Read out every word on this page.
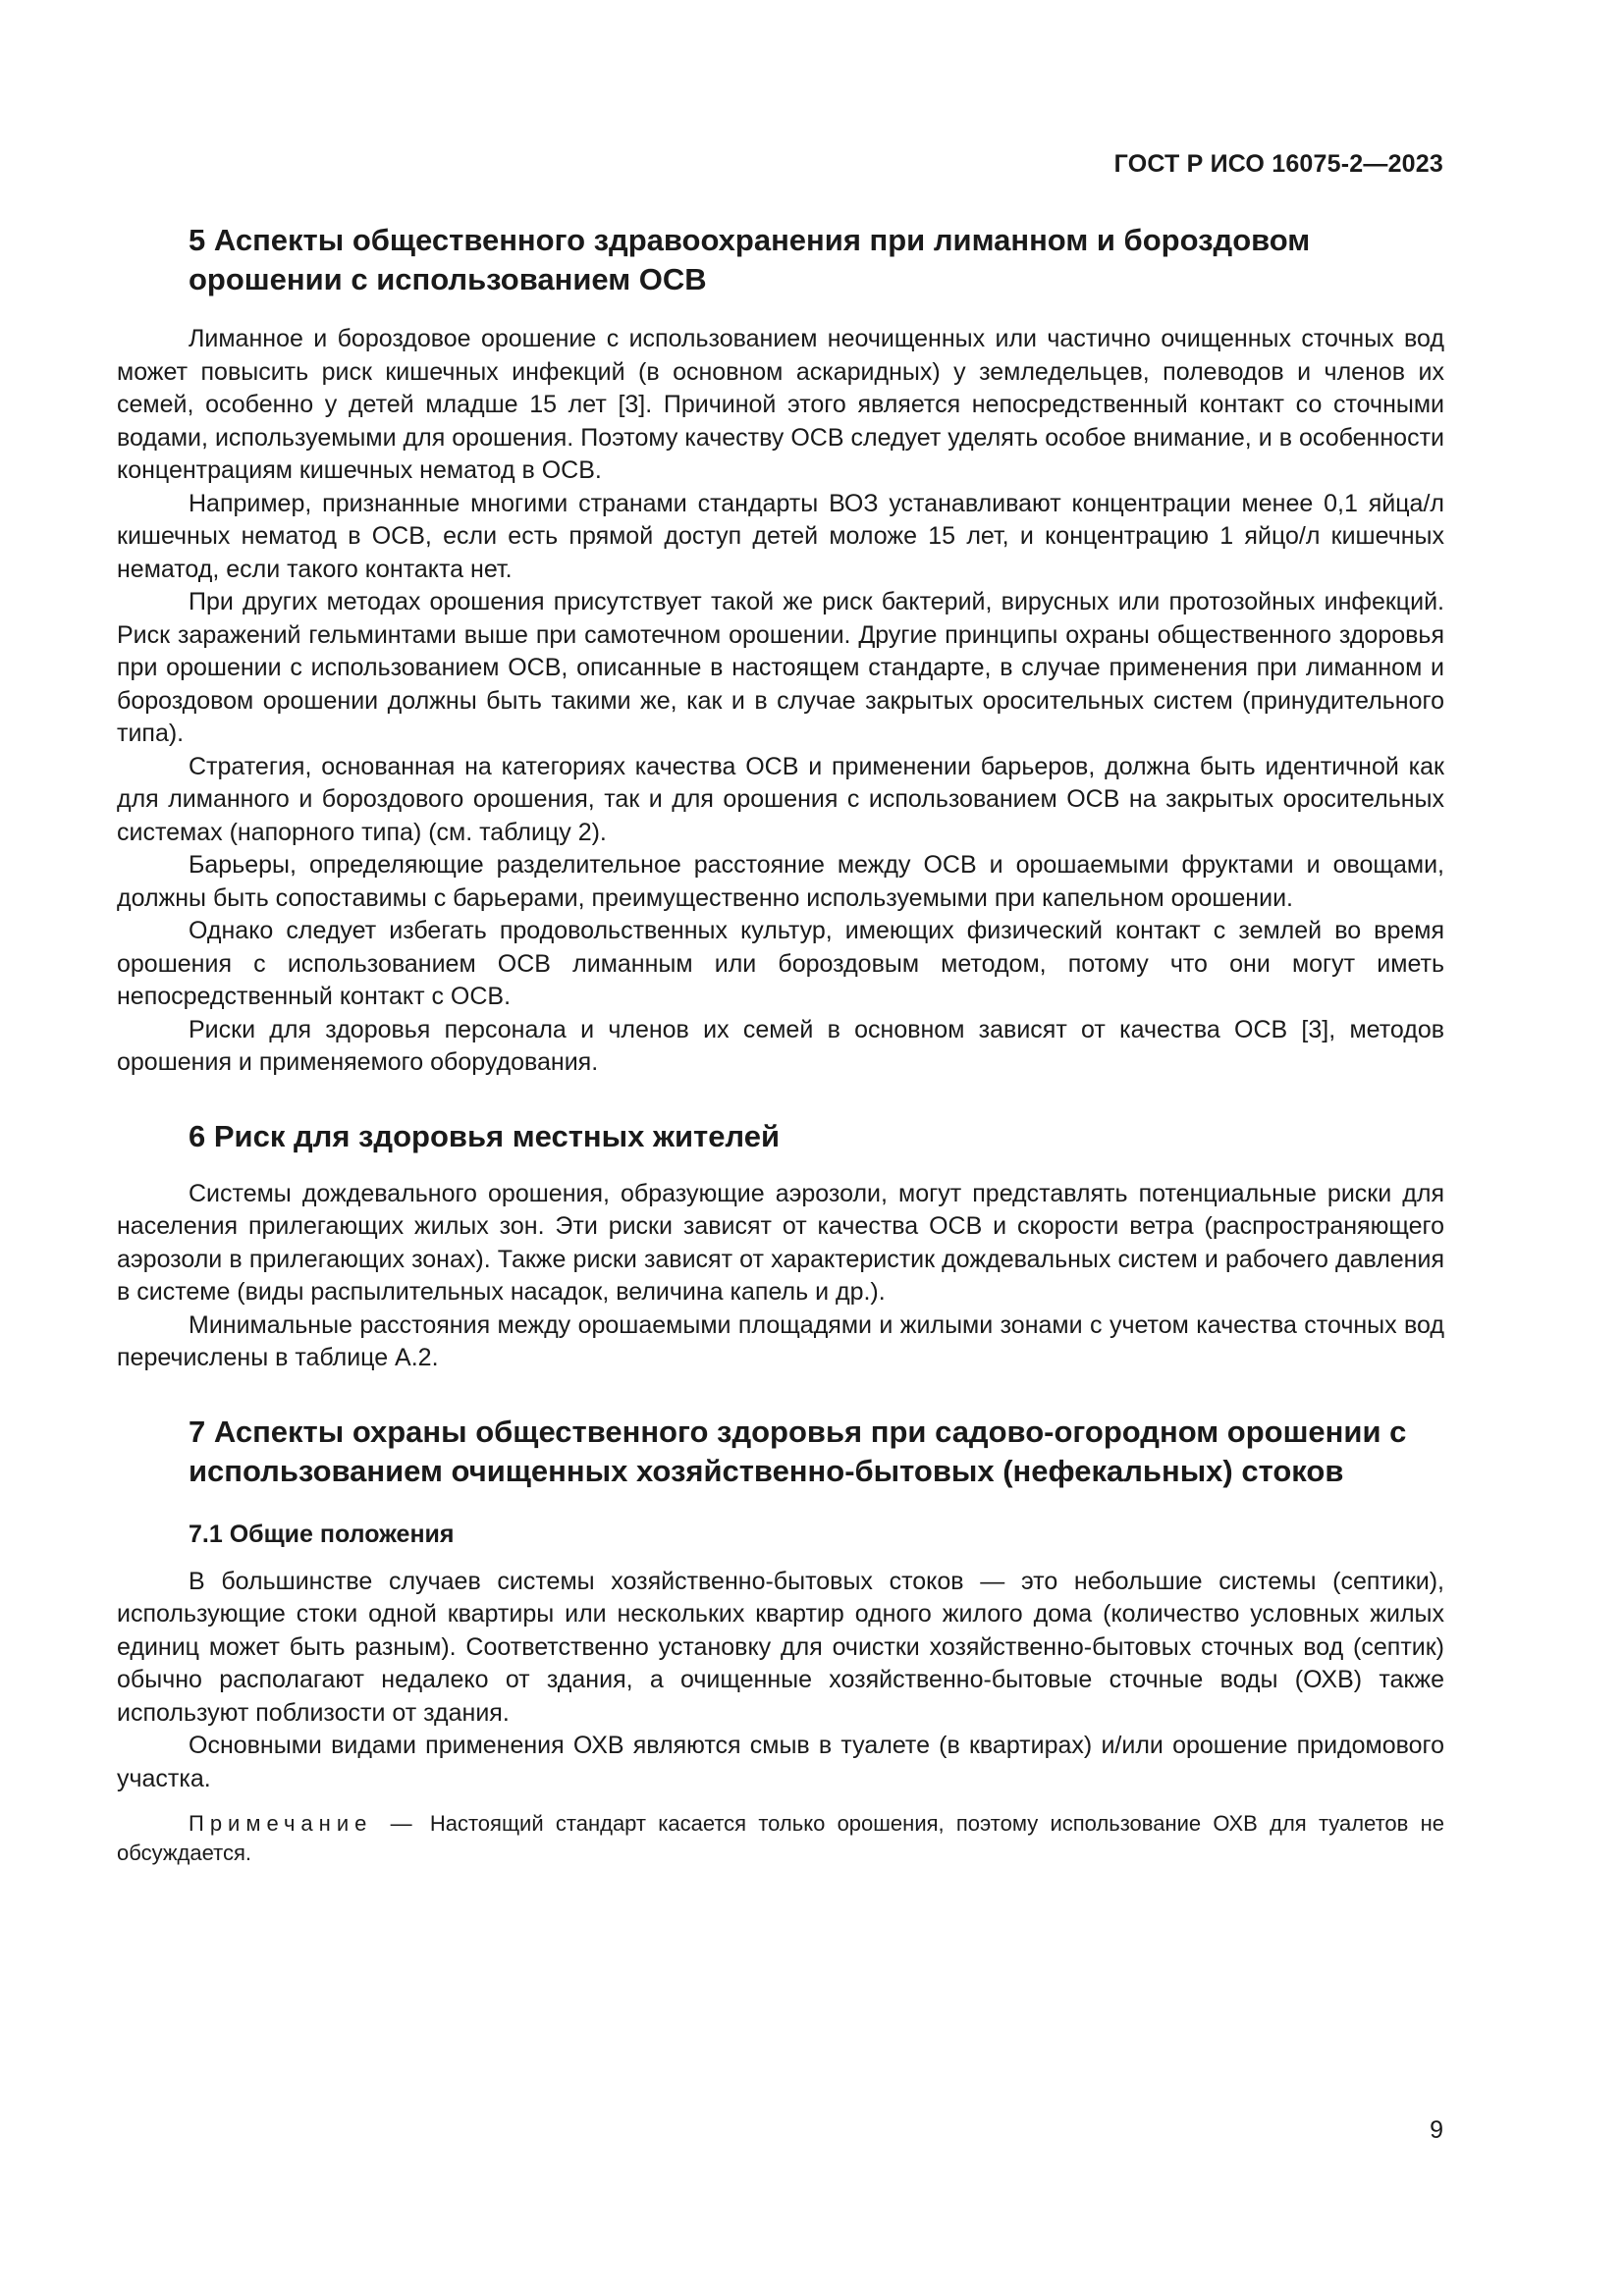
ГОСТ Р ИСО 16075-2—2023
5 Аспекты общественного здравоохранения при лиманном и бороздовом орошении с использованием ОСВ

Лиманное и бороздовое орошение с использованием неочищенных или частично очищенных сточных вод может повысить риск кишечных инфекций (в основном аскаридных) у земледельцев, полеводов и членов их семей, особенно у детей младше 15 лет [3]. Причиной этого является непосредственный контакт со сточными водами, используемыми для орошения. Поэтому качеству ОСВ следует уделять особое внимание, и в особенности концентрациям кишечных нематод в ОСВ.

Например, признанные многими странами стандарты ВОЗ устанавливают концентрации менее 0,1 яйца/л кишечных нематод в ОСВ, если есть прямой доступ детей моложе 15 лет, и концентрацию 1 яйцо/л кишечных нематод, если такого контакта нет.

При других методах орошения присутствует такой же риск бактерий, вирусных или протозойных инфекций. Риск заражений гельминтами выше при самотечном орошении. Другие принципы охраны общественного здоровья при орошении с использованием ОСВ, описанные в настоящем стандарте, в случае применения при лиманном и бороздовом орошении должны быть такими же, как и в случае закрытых оросительных систем (принудительного типа).

Стратегия, основанная на категориях качества ОСВ и применении барьеров, должна быть идентичной как для лиманного и бороздового орошения, так и для орошения с использованием ОСВ на закрытых оросительных системах (напорного типа) (см. таблицу 2).

Барьеры, определяющие разделительное расстояние между ОСВ и орошаемыми фруктами и овощами, должны быть сопоставимы с барьерами, преимущественно используемыми при капельном орошении.

Однако следует избегать продовольственных культур, имеющих физический контакт с землей во время орошения с использованием ОСВ лиманным или бороздовым методом, потому что они могут иметь непосредственный контакт с ОСВ.

Риски для здоровья персонала и членов их семей в основном зависят от качества ОСВ [3], методов орошения и применяемого оборудования.

6 Риск для здоровья местных жителей

Системы дождевального орошения, образующие аэрозоли, могут представлять потенциальные риски для населения прилегающих жилых зон. Эти риски зависят от качества ОСВ и скорости ветра (распространяющего аэрозоли в прилегающих зонах). Также риски зависят от характеристик дождевальных систем и рабочего давления в системе (виды распылительных насадок, величина капель и др.).

Минимальные расстояния между орошаемыми площадями и жилыми зонами с учетом качества сточных вод перечислены в таблице А.2.

7 Аспекты охраны общественного здоровья при садово-огородном орошении с использованием очищенных хозяйственно-бытовых (нефекальных) стоков
7.1 Общие положения

В большинстве случаев системы хозяйственно-бытовых стоков — это небольшие системы (септики), использующие стоки одной квартиры или нескольких квартир одного жилого дома (количество условных жилых единиц может быть разным). Соответственно установку для очистки хозяйственно-бытовых сточных вод (септик) обычно располагают недалеко от здания, а очищенные хозяйственно-бытовые сточные воды (ОХВ) также используют поблизости от здания.

Основными видами применения ОХВ являются смыв в туалете (в квартирах) и/или орошение придомового участка.

Примечание — Настоящий стандарт касается только орошения, поэтому использование ОХВ для туалетов не обсуждается.

9
